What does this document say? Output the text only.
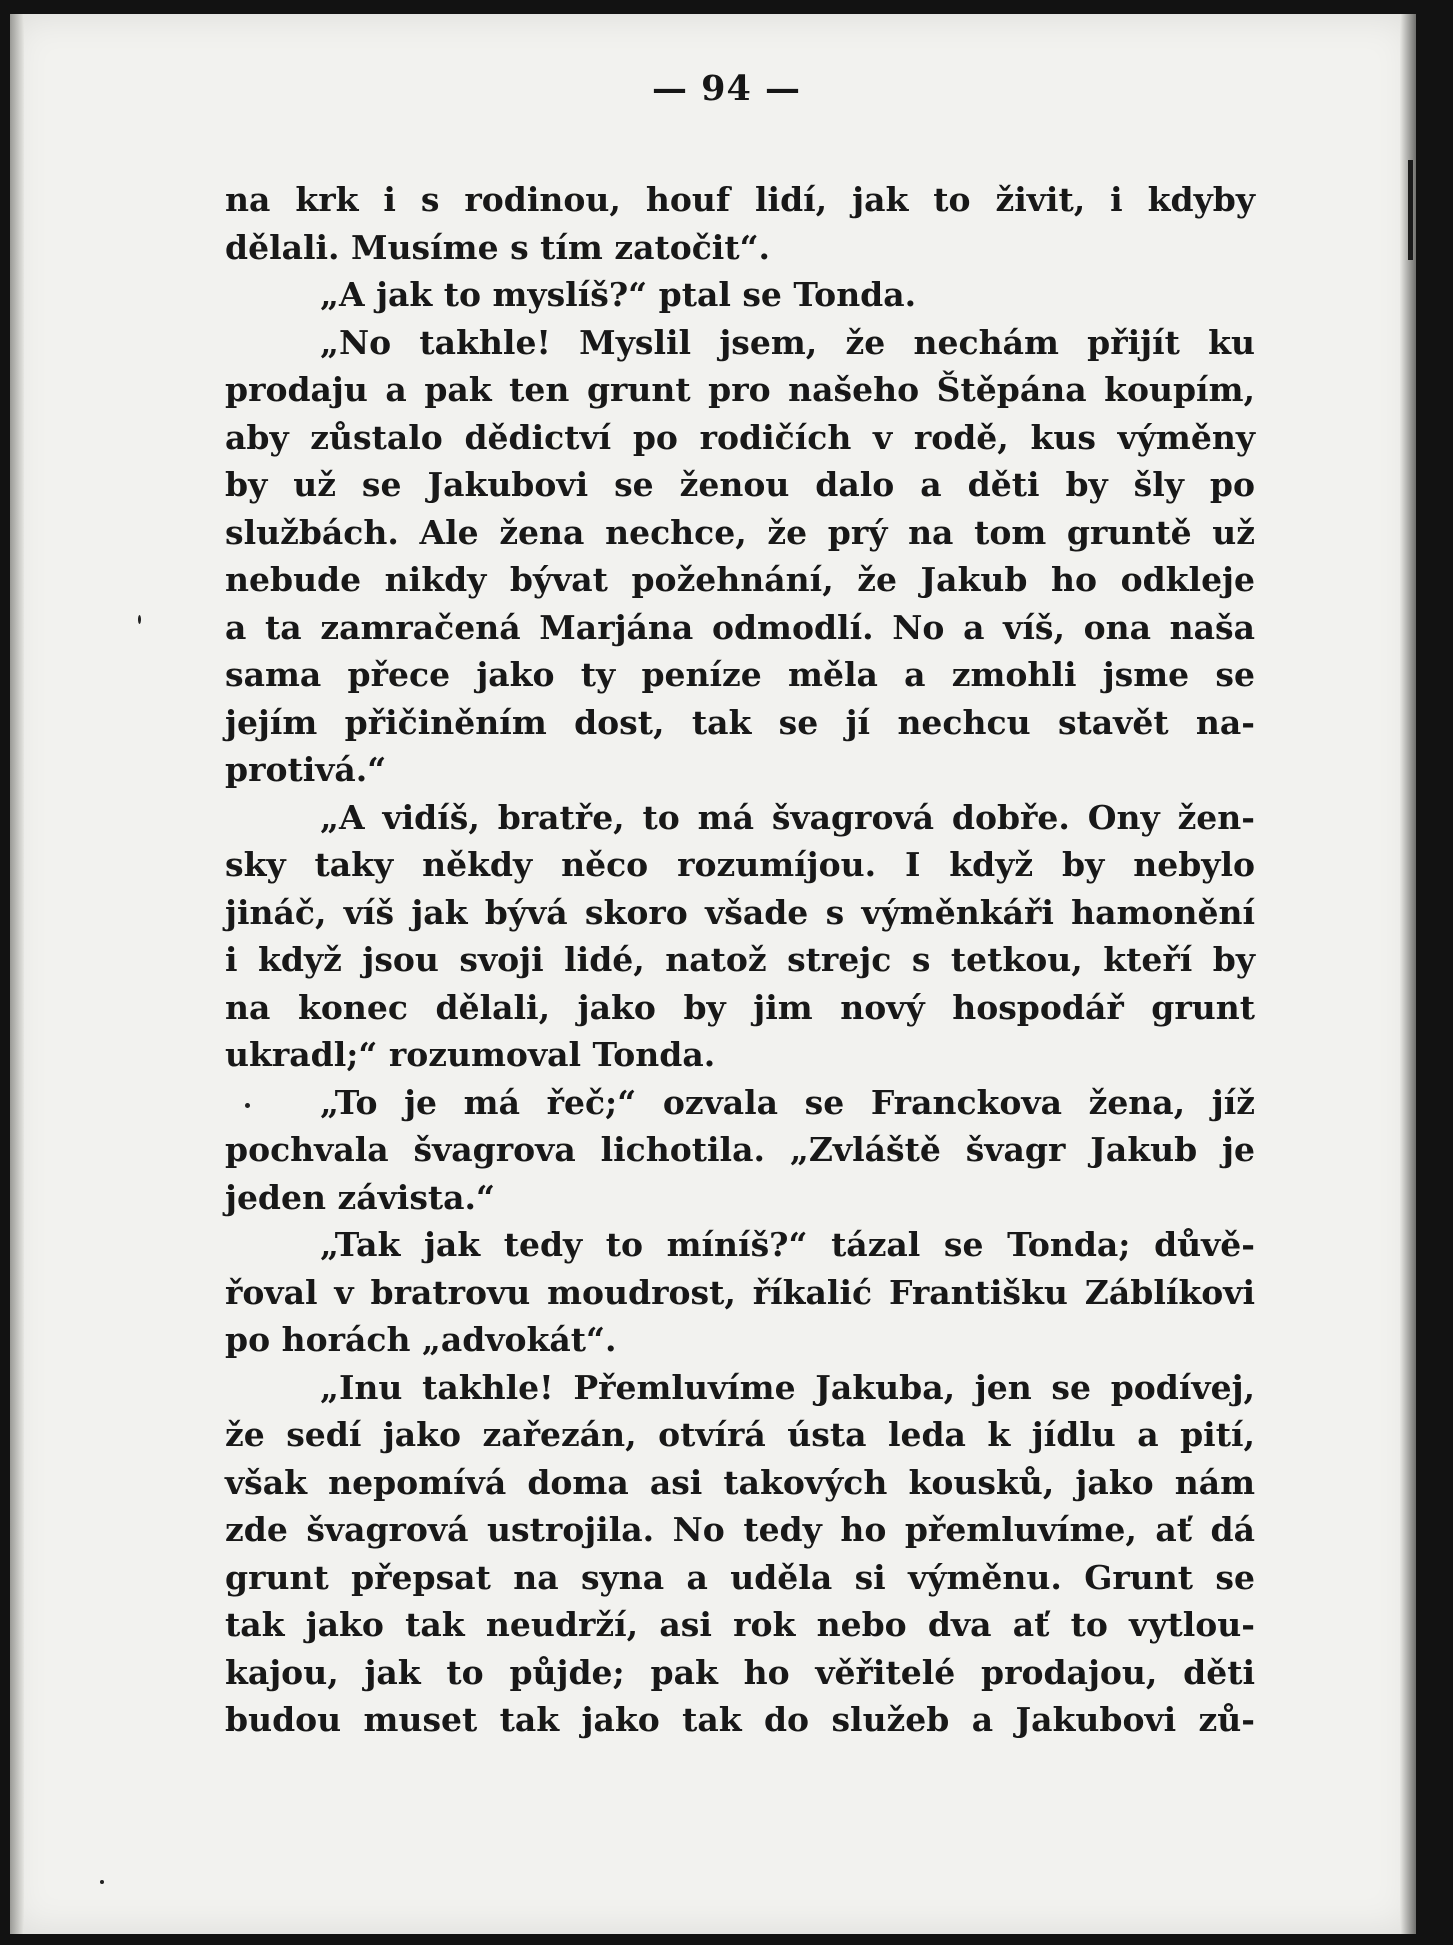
— 94 —
na krk i s rodinou, houf lidí, jak to živit, i kdyby
dělali. Musíme s tím zatočit“.
„A jak to myslíš?“ ptal se Tonda.
„No takhle! Myslil jsem, že nechám přijít ku
prodaju a pak ten grunt pro našeho Štěpána koupím,
aby zůstalo dědictví po rodičích v rodě, kus výměny
by už se Jakubovi se ženou dalo a děti by šly po
službách. Ale žena nechce, že prý na tom gruntě už
nebude nikdy bývat požehnání, že Jakub ho odkleje
a ta zamračená Marjána odmodlí. No a víš, ona naša
sama přece jako ty peníze měla a zmohli jsme se
jejím přičiněním dost, tak se jí nechcu stavět na-
protivá.“
„A vidíš, bratře, to má švagrová dobře. Ony žen-
sky taky někdy něco rozumíjou. I když by nebylo
jináč, víš jak bývá skoro všade s výměnkáři hamonění
i když jsou svoji lidé, natož strejc s tetkou, kteří by
na konec dělali, jako by jim nový hospodář grunt
ukradl;“ rozumoval Tonda.
„To je má řeč;“ ozvala se Franckova žena, jíž
pochvala švagrova lichotila. „Zvláště švagr Jakub je
jeden závista.“
„Tak jak tedy to míníš?“ tázal se Tonda; důvě-
řoval v bratrovu moudrost, říkalić Františku Záblíkovi
po horách „advokát“.
„Inu takhle! Přemluvíme Jakuba, jen se podívej,
že sedí jako zařezán, otvírá ústa leda k jídlu a pití,
však nepomívá doma asi takových kousků, jako nám
zde švagrová ustrojila. No tedy ho přemluvíme, ať dá
grunt přepsat na syna a uděla si výměnu. Grunt se
tak jako tak neudrží, asi rok nebo dva ať to vytlou-
kajou, jak to půjde; pak ho věřitelé prodajou, děti
budou muset tak jako tak do služeb a Jakubovi zů-
